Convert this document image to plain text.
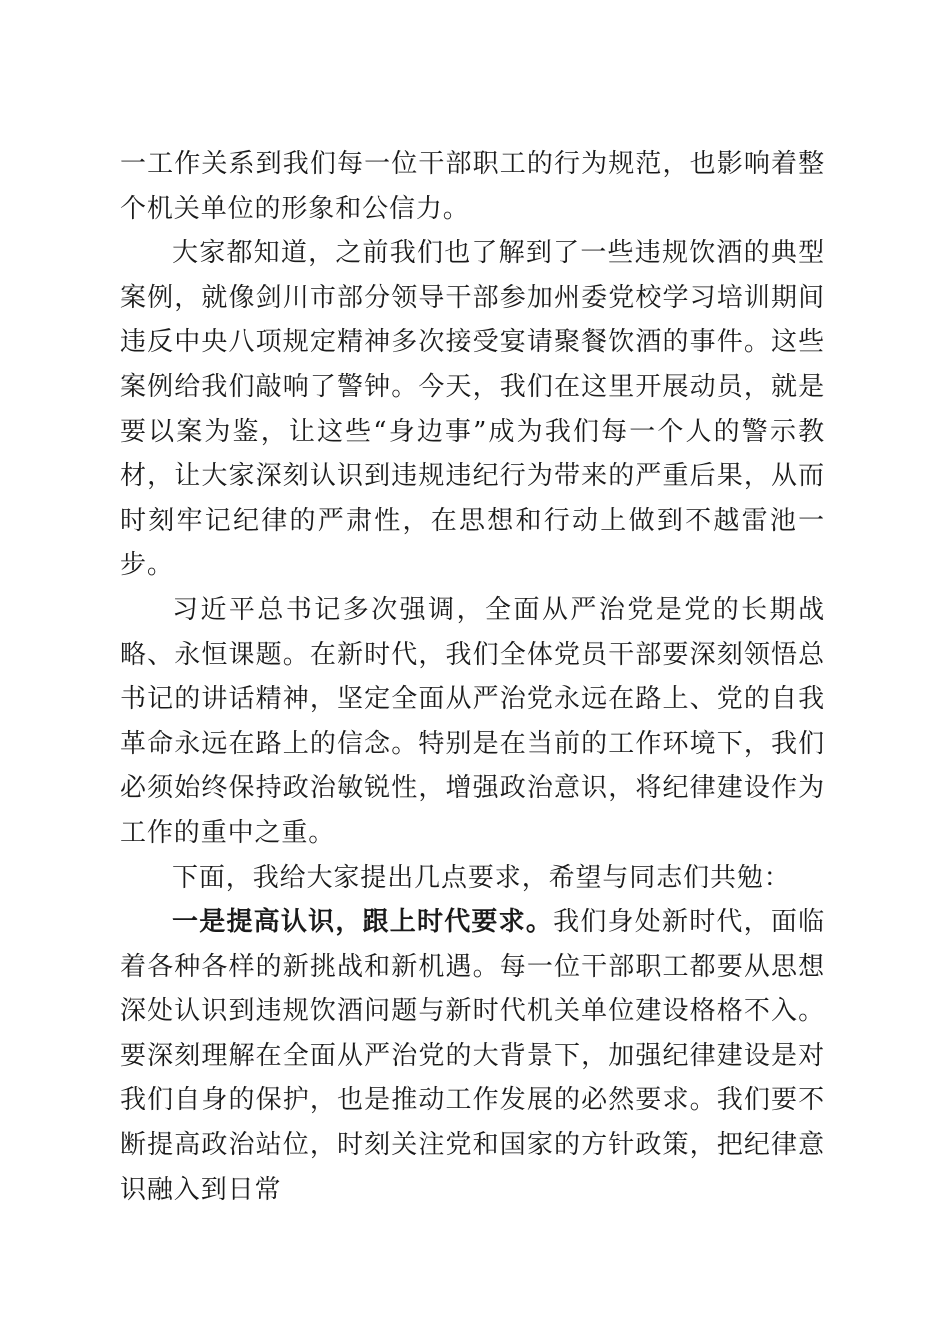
一工作关系到我们每一位干部职工的行为规范，也影响着整个机关单位的形象和公信力。

大家都知道，之前我们也了解到了一些违规饮酒的典型案例，就像剑川市部分领导干部参加州委党校学习培训期间违反中央八项规定精神多次接受宴请聚餐饮酒的事件。这些案例给我们敲响了警钟。今天，我们在这里开展动员，就是要以案为鉴，让这些“身边事”成为我们每一个人的警示教材，让大家深刻认识到违规违纪行为带来的严重后果，从而时刻牢记纪律的严肃性，在思想和行动上做到不越雷池一步。

习近平总书记多次强调，全面从严治党是党的长期战略、永恒课题。在新时代，我们全体党员干部要深刻领悟总书记的讲话精神，坚定全面从严治党永远在路上、党的自我革命永远在路上的信念。特别是在当前的工作环境下，我们必须始终保持政治敏锐性，增强政治意识，将纪律建设作为工作的重中之重。

下面，我给大家提出几点要求，希望与同志们共勉：

一是提高认识，跟上时代要求。我们身处新时代，面临着各种各样的新挑战和新机遇。每一位干部职工都要从思想深处认识到违规饮酒问题与新时代机关单位建设格格不入。要深刻理解在全面从严治党的大背景下，加强纪律建设是对我们自身的保护，也是推动工作发展的必然要求。我们要不断提高政治站位，时刻关注党和国家的方针政策，把纪律意识融入到日常
